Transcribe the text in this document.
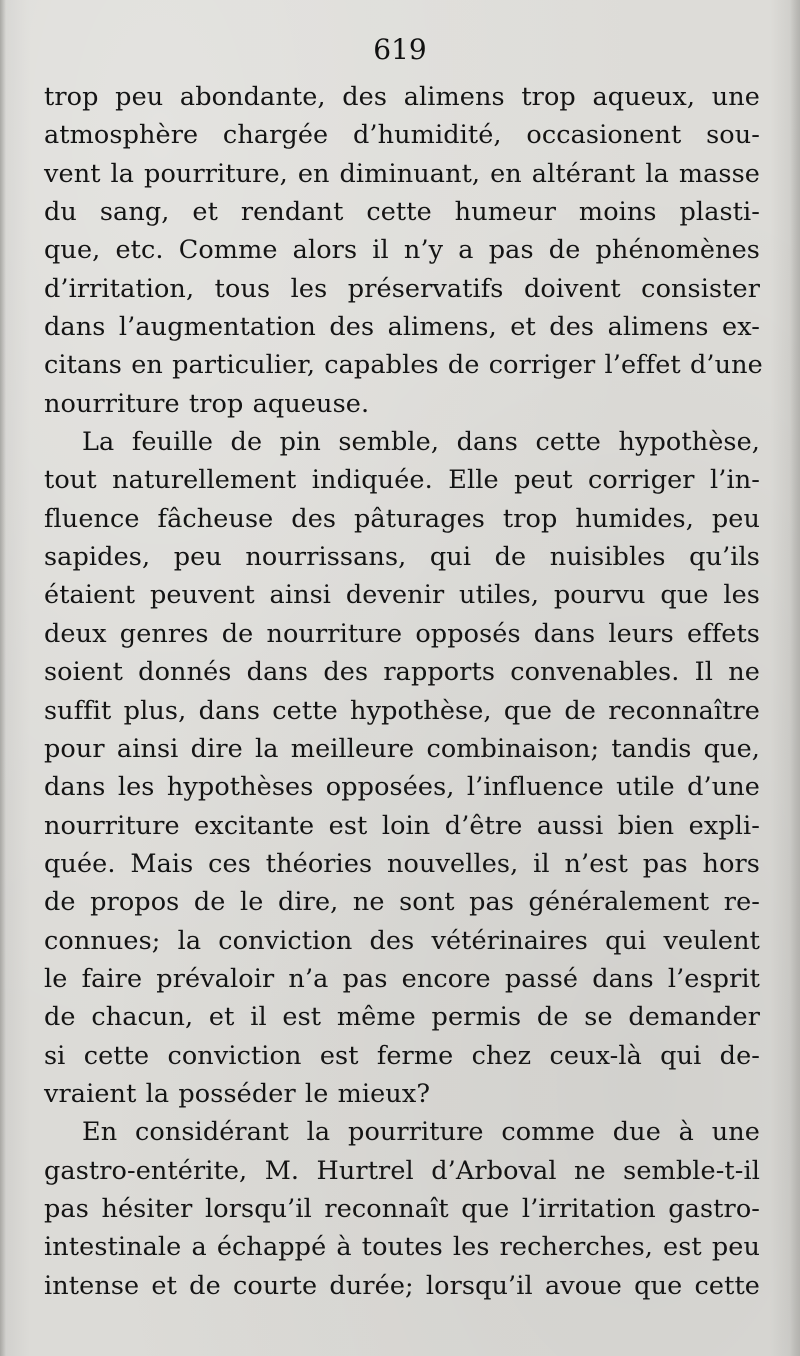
619
trop peu abondante, des alimens trop aqueux, une
atmosphère chargée d’humidité, occasionent sou-
vent la pourriture, en diminuant, en altérant la masse
du sang, et rendant cette humeur moins plasti-
que, etc. Comme alors il n’y a pas de phénomènes
d’irritation, tous les préservatifs doivent consister
dans l’augmentation des alimens, et des alimens ex-
citans en particulier, capables de corriger l’effet d’une
nourriture trop aqueuse.
La feuille de pin semble, dans cette hypothèse,
tout naturellement indiquée. Elle peut corriger l’in-
fluence fâcheuse des pâturages trop humides, peu
sapides, peu nourrissans, qui de nuisibles qu’ils
étaient peuvent ainsi devenir utiles, pourvu que les
deux genres de nourriture opposés dans leurs effets
soient donnés dans des rapports convenables. Il ne
suffit plus, dans cette hypothèse, que de reconnaître
pour ainsi dire la meilleure combinaison; tandis que,
dans les hypothèses opposées, l’influence utile d’une
nourriture excitante est loin d’être aussi bien expli-
quée. Mais ces théories nouvelles, il n’est pas hors
de propos de le dire, ne sont pas généralement re-
connues; la conviction des vétérinaires qui veulent
le faire prévaloir n’a pas encore passé dans l’esprit
de chacun, et il est même permis de se demander
si cette conviction est ferme chez ceux-là qui de-
vraient la posséder le mieux?
En considérant la pourriture comme due à une
gastro-entérite, M. Hurtrel d’Arboval ne semble-t-il
pas hésiter lorsqu’il reconnaît que l’irritation gastro-
intestinale a échappé à toutes les recherches, est peu
intense et de courte durée; lorsqu’il avoue que cette
